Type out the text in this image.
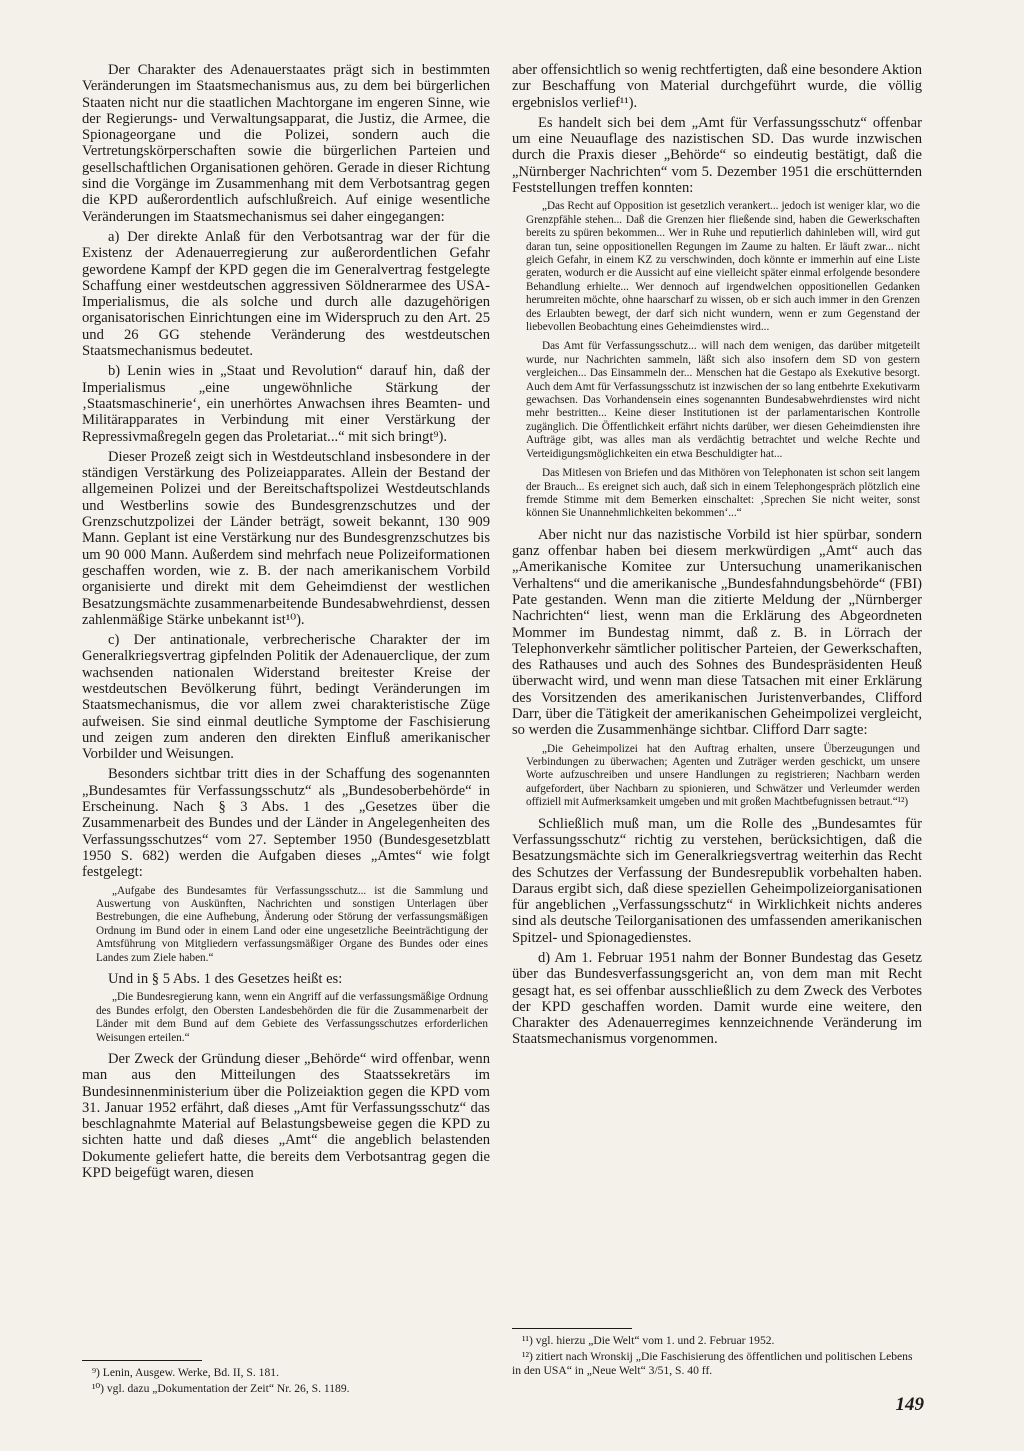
Der Charakter des Adenauerstaates prägt sich in bestimmten Veränderungen im Staatsmechanismus aus, zu dem bei bürgerlichen Staaten nicht nur die staatlichen Machtorgane im engeren Sinne, wie der Regierungs- und Verwaltungsapparat, die Justiz, die Armee, die Spionageorgane und die Polizei, sondern auch die Vertretungskörperschaften sowie die bürgerlichen Parteien und gesellschaftlichen Organisationen gehören. Gerade in dieser Richtung sind die Vorgänge im Zusammenhang mit dem Verbotsantrag gegen die KPD außerordentlich aufschlußreich. Auf einige wesentliche Veränderungen im Staatsmechanismus sei daher eingegangen:

a) Der direkte Anlaß für den Verbotsantrag war der für die Existenz der Adenauerregierung zur außerordentlichen Gefahr gewordene Kampf der KPD gegen die im Generalvertrag festgelegte Schaffung einer westdeutschen aggressiven Söldnerarmee des USA-Imperialismus, die als solche und durch alle dazugehörigen organisatorischen Einrichtungen eine im Widerspruch zu den Art. 25 und 26 GG stehende Veränderung des westdeutschen Staatsmechanismus bedeutet.

b) Lenin wies in „Staat und Revolution“ darauf hin, daß der Imperialismus „eine ungewöhnliche Stärkung der ‚Staatsmaschinerie‘, ein unerhörtes Anwachsen ihres Beamten- und Militärapparates in Verbindung mit einer Verstärkung der Repressivmaßregeln gegen das Proletariat...“ mit sich bringt⁹).

Dieser Prozeß zeigt sich in Westdeutschland insbesondere in der ständigen Verstärkung des Polizeiapparates. Allein der Bestand der allgemeinen Polizei und der Bereitschaftspolizei Westdeutschlands und Westberlins sowie des Bundesgrenzschutzes und der Grenzschutzpolizei der Länder beträgt, soweit bekannt, 130 909 Mann. Geplant ist eine Verstärkung nur des Bundesgrenzschutzes bis um 90 000 Mann. Außerdem sind mehrfach neue Polizeiformationen geschaffen worden, wie z. B. der nach amerikanischem Vorbild organisierte und direkt mit dem Geheimdienst der westlichen Besatzungsmächte zusammenarbeitende Bundesabwehrdienst, dessen zahlenmäßige Stärke unbekannt ist¹⁰).

c) Der antinationale, verbrecherische Charakter der im Generalkriegsvertrag gipfelnden Politik der Adenauerclique, der zum wachsenden nationalen Widerstand breitester Kreise der westdeutschen Bevölkerung führt, bedingt Veränderungen im Staatsmechanismus, die vor allem zwei charakteristische Züge aufweisen. Sie sind einmal deutliche Symptome der Faschisierung und zeigen zum anderen den direkten Einfluß amerikanischer Vorbilder und Weisungen.

Besonders sichtbar tritt dies in der Schaffung des sogenannten „Bundesamtes für Verfassungsschutz“ als „Bundesoberbehörde“ in Erscheinung. Nach § 3 Abs. 1 des „Gesetzes über die Zusammenarbeit des Bundes und der Länder in Angelegenheiten des Verfassungsschutzes“ vom 27. September 1950 (Bundesgesetzblatt 1950 S. 682) werden die Aufgaben dieses „Amtes“ wie folgt festgelegt:

„Aufgabe des Bundesamtes für Verfassungsschutz... ist die Sammlung und Auswertung von Auskünften, Nachrichten und sonstigen Unterlagen über Bestrebungen, die eine Aufhebung, Änderung oder Störung der verfassungsmäßigen Ordnung im Bund oder in einem Land oder eine ungesetzliche Beeinträchtigung der Amtsführung von Mitgliedern verfassungsmäßiger Organe des Bundes oder eines Landes zum Ziele haben.“

Und in § 5 Abs. 1 des Gesetzes heißt es:

„Die Bundesregierung kann, wenn ein Angriff auf die verfassungsmäßige Ordnung des Bundes erfolgt, den Obersten Landesbehörden die für die Zusammenarbeit der Länder mit dem Bund auf dem Gebiete des Verfassungsschutzes erforderlichen Weisungen erteilen.“

Der Zweck der Gründung dieser „Behörde“ wird offenbar, wenn man aus den Mitteilungen des Staatssekretärs im Bundesinnenministerium über die Polizeiaktion gegen die KPD vom 31. Januar 1952 erfährt, daß dieses „Amt für Verfassungsschutz“ das beschlagnahmte Material auf Belastungsbeweise gegen die KPD zu sichten hatte und daß dieses „Amt“ die angeblich belastenden Dokumente geliefert hatte, die bereits dem Verbotsantrag gegen die KPD beigefügt waren, diesen

⁹) Lenin, Ausgew. Werke, Bd. II, S. 181.

¹⁰) vgl. dazu „Dokumentation der Zeit“ Nr. 26, S. 1189.

aber offensichtlich so wenig rechtfertigten, daß eine besondere Aktion zur Beschaffung von Material durchgeführt wurde, die völlig ergebnislos verlief¹¹).

Es handelt sich bei dem „Amt für Verfassungsschutz“ offenbar um eine Neuauflage des nazistischen SD. Das wurde inzwischen durch die Praxis dieser „Behörde“ so eindeutig bestätigt, daß die „Nürnberger Nachrichten“ vom 5. Dezember 1951 die erschütternden Feststellungen treffen konnten:

„Das Recht auf Opposition ist gesetzlich verankert... jedoch ist weniger klar, wo die Grenzpfähle stehen... Daß die Grenzen hier fließende sind, haben die Gewerkschaften bereits zu spüren bekommen... Wer in Ruhe und reputierlich dahinleben will, wird gut daran tun, seine oppositionellen Regungen im Zaume zu halten. Er läuft zwar... nicht gleich Gefahr, in einem KZ zu verschwinden, doch könnte er immerhin auf eine Liste geraten, wodurch er die Aussicht auf eine vielleicht später einmal erfolgende besondere Behandlung erhielte... Wer dennoch auf irgendwelchen oppositionellen Gedanken herumreiten möchte, ohne haarscharf zu wissen, ob er sich auch immer in den Grenzen des Erlaubten bewegt, der darf sich nicht wundern, wenn er zum Gegenstand der liebevollen Beobachtung eines Geheimdienstes wird...

Das Amt für Verfassungsschutz... will nach dem wenigen, das darüber mitgeteilt wurde, nur Nachrichten sammeln, läßt sich also insofern dem SD von gestern vergleichen... Das Einsammeln der... Menschen hat die Gestapo als Exekutive besorgt. Auch dem Amt für Verfassungsschutz ist inzwischen der so lang entbehrte Exekutivarm gewachsen. Das Vorhandensein eines sogenannten Bundesabwehrdienstes wird nicht mehr bestritten... Keine dieser Institutionen ist der parlamentarischen Kontrolle zugänglich. Die Öffentlichkeit erfährt nichts darüber, wer diesen Geheimdiensten ihre Aufträge gibt, was alles man als verdächtig betrachtet und welche Rechte und Verteidigungsmöglichkeiten ein etwa Beschuldigter hat...

Das Mitlesen von Briefen und das Mithören von Telephonaten ist schon seit langem der Brauch... Es ereignet sich auch, daß sich in einem Telephongespräch plötzlich eine fremde Stimme mit dem Bemerken einschaltet: ‚Sprechen Sie nicht weiter, sonst können Sie Unannehmlichkeiten bekommen‘...“

Aber nicht nur das nazistische Vorbild ist hier spürbar, sondern ganz offenbar haben bei diesem merkwürdigen „Amt“ auch das „Amerikanische Komitee zur Untersuchung unamerikanischen Verhaltens“ und die amerikanische „Bundesfahndungsbehörde“ (FBI) Pate gestanden. Wenn man die zitierte Meldung der „Nürnberger Nachrichten“ liest, wenn man die Erklärung des Abgeordneten Mommer im Bundestag nimmt, daß z. B. in Lörrach der Telephonverkehr sämtlicher politischer Parteien, der Gewerkschaften, des Rathauses und auch des Sohnes des Bundespräsidenten Heuß überwacht wird, und wenn man diese Tatsachen mit einer Erklärung des Vorsitzenden des amerikanischen Juristenverbandes, Clifford Darr, über die Tätigkeit der amerikanischen Geheimpolizei vergleicht, so werden die Zusammenhänge sichtbar. Clifford Darr sagte:

„Die Geheimpolizei hat den Auftrag erhalten, unsere Überzeugungen und Verbindungen zu überwachen; Agenten und Zuträger werden geschickt, um unsere Worte aufzuschreiben und unsere Handlungen zu registrieren; Nachbarn werden aufgefordert, über Nachbarn zu spionieren, und Schwätzer und Verleumder werden offiziell mit Aufmerksamkeit umgeben und mit großen Machtbefugnissen betraut.“¹²)

Schließlich muß man, um die Rolle des „Bundesamtes für Verfassungsschutz“ richtig zu verstehen, berücksichtigen, daß die Besatzungsmächte sich im Generalkriegsvertrag weiterhin das Recht des Schutzes der Verfassung der Bundesrepublik vorbehalten haben. Daraus ergibt sich, daß diese speziellen Geheimpolizeiorganisationen für angeblichen „Verfassungsschutz“ in Wirklichkeit nichts anderes sind als deutsche Teilorganisationen des umfassenden amerikanischen Spitzel- und Spionagedienstes.

d) Am 1. Februar 1951 nahm der Bonner Bundestag das Gesetz über das Bundesverfassungsgericht an, von dem man mit Recht gesagt hat, es sei offenbar ausschließlich zu dem Zweck des Verbotes der KPD geschaffen worden. Damit wurde eine weitere, den Charakter des Adenauerregimes kennzeichnende Veränderung im Staatsmechanismus vorgenommen.

¹¹) vgl. hierzu „Die Welt“ vom 1. und 2. Februar 1952.

¹²) zitiert nach Wronskij „Die Faschisierung des öffentlichen und politischen Lebens in den USA“ in „Neue Welt“ 3/51, S. 40 ff.

149
